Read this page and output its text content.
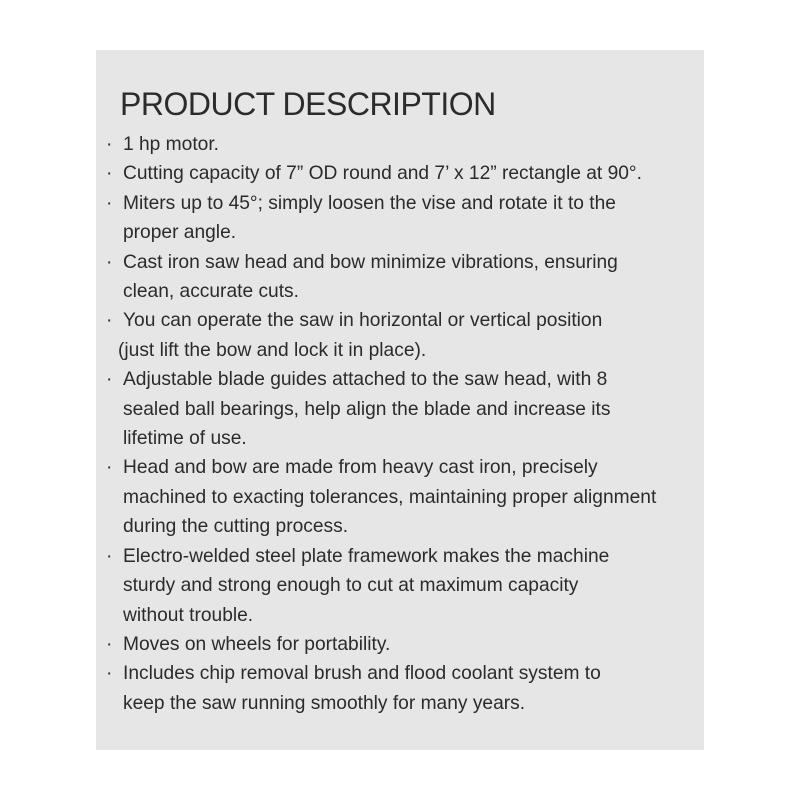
PRODUCT DESCRIPTION
· 1 hp motor.
· Cutting capacity of 7” OD round and 7’ x 12” rectangle at 90°.
· Miters up to 45°; simply loosen the vise and rotate it to the
proper angle.
· Cast iron saw head and bow minimize vibrations, ensuring
clean, accurate cuts.
· You can operate the saw in horizontal or vertical position
(just lift the bow and lock it in place).
· Adjustable blade guides attached to the saw head, with 8
sealed ball bearings, help align the blade and increase its
lifetime of use.
· Head and bow are made from heavy cast iron, precisely
machined to exacting tolerances, maintaining proper alignment
during the cutting process.
· Electro-welded steel plate framework makes the machine
sturdy and strong enough to cut at maximum capacity
without trouble.
· Moves on wheels for portability.
· Includes chip removal brush and flood coolant system to
keep the saw running smoothly for many years.
